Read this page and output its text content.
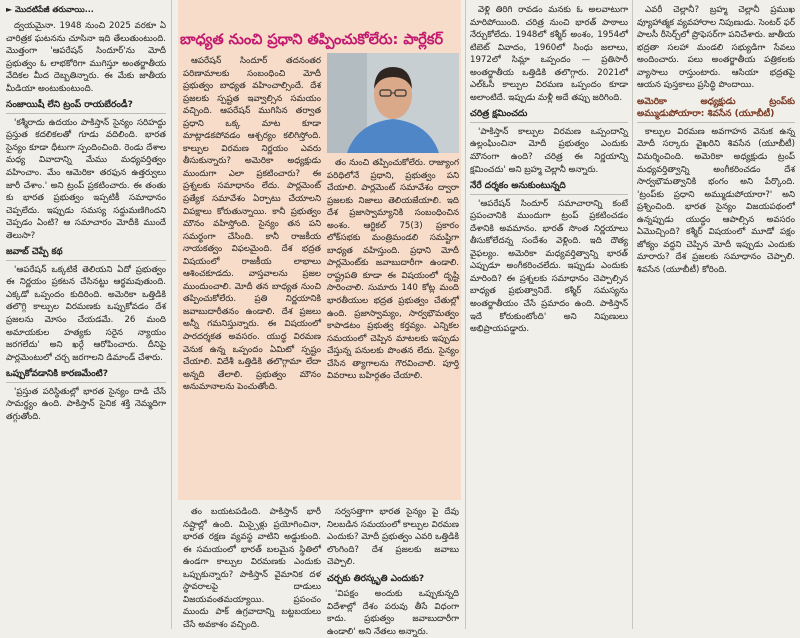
► మొదటిపేజీ తరువాయి...

ద్వయమైనా. 1948 నుంచి 2025 వరకూ ఏ చారిత్రక ఘటనను చూసినా ఇది తేలుతుంటుంది. మొత్తంగా 'ఆపరేషన్ సిందూర్'ను మోదీ ప్రభుత్వం ఓ లాభకోరిగా ముగిస్తూ అంతర్జాతీయ వేదికల మీద దెబ్బతిన్నారు. ఈ మేకు జాతీయ మీడియా అంటుకుంటుంది.

సంజాయిషీ లేని ట్రంప్ రాయబేరండీ?

'కశ్మీరాదు ఉదయం పాకిస్తాన్ సైన్యం సరిహద్దు ప్రస్తుత కదలికలతో గూడు వదిలింది. భారత సైన్యం కూడా ధీటుగా స్పందించింది. రెండు దేశాల మధ్య వివాదాన్ని మేము మధ్యవర్తిత్వం వహించాం. మేం ఆమెరికా తరఫున ఉత్తర్వులు జారీ చేశాం.' అని ట్రంప్ ప్రకటించారు. ఈ తంతు కు భారత ప్రభుత్వం ఇప్పటికీ సమాధానం చెప్పలేదు. ఇప్పుడు సమస్య సద్దుమణిగిందని చెప్పడం ఏంటి? ఆ సమాచారం మోదీకి ముందే తెలుసా?

జవాబ్ చెప్పే కథ

'ఆపరేషన్ ఒక్కటికే తెలియని ఏదో ప్రభుత్వం ఈ నిర్ణయం ప్రకటన చేసినట్టు ఆర్థమవుతుంది. ఎక్కడో ఒప్పందం కుదిరింది. అమెరికా ఒత్తిడికి తలొగ్గి కాల్పుల విరమణకు ఒప్పుకోవడం దేశ ప్రజలను మోసం చేయడమే. 26 మంది అమాయకుల హత్యకు సరైన న్యాయం జరగలేదు' అని ఖర్గే ఆరోపించారు. దీనిపై పార్లమెంటులో చర్చ జరగాలని డిమాండ్ చేశారు.

ఒప్పుకోవడానికి కారణమేంటి?

'ప్రస్తుత పరిస్థితుల్లో భారత సైన్యం దాడి చేసే సామర్థ్యం ఉంది. పాకిస్తాన్ సైనిక శక్తి నెమ్మదిగా తగ్గుతోంది.

బాధ్యత నుంచి ప్రధాని తప్పించుకోలేరు: పార్లేకర్

ఆపరేషన్ సిందూర్ తదనంతర పరిణామాలకు సంబంధించి మోదీ ప్రభుత్వం బాధ్యత వహించాల్సిందే. దేశ ప్రజలకు స్పష్టత ఇవ్వాల్సిన సమయం వచ్చింది. ఆపరేషన్ ముగిసిన తర్వాత ప్రధాని ఒక్క మాట కూడా మాట్లాడకపోవడం ఆశ్చర్యం కలిగిస్తోంది. కాల్పుల విరమణ నిర్ణయం ఎవరు తీసుకున్నారు? అమెరికా అధ్యక్షుడు ముందుగా ఎలా ప్రకటించారు? ఈ ప్రశ్నలకు సమాధానం లేదు. పార్లమెంట్ ప్రత్యేక సమావేశం ఏర్పాటు చేయాలని విపక్షాలు కోరుతున్నాయి. కానీ ప్రభుత్వం మౌనం వహిస్తోంది. సైన్యం తన పని సమర్థంగా చేసింది. కానీ రాజకీయ నాయకత్వం విఫలమైంది. దేశ భద్రత విషయంలో రాజకీయ లాభాలు ఆశించకూడదు. వాస్తవాలను ప్రజల ముందుంచాలి. మోదీ తన బాధ్యత నుంచి తప్పించుకోలేరు. ప్రతి నిర్ణయానికి జవాబుదారీతనం ఉండాలి. దేశ ప్రజలు అన్నీ గమనిస్తున్నారు. ఈ విషయంలో పారదర్శకత అవసరం. యుద్ధ విరమణ వెనుక ఉన్న ఒప్పందం ఏమిటో స్పష్టం చేయాలి. విదేశీ ఒత్తిడికి తలొగ్గామా లేదా అన్నది తేలాలి. ప్రభుత్వం మౌనం అనుమానాలను పెంచుతోంది.

తం నుంచి తప్పించుకోలేరు. రాజ్యాంగ పరిధిలోనే ప్రధాని, ప్రభుత్వం పని చేయాలి. పార్లమెంట్ సమావేశం ద్వారా ప్రజలకు నిజాలు తెలియజేయాలి. ఇది దేశ ప్రజాస్వామ్యానికి సంబంధించిన అంశం. ఆర్టికల్ 75(3) ప్రకారం లోక్‌సభకు మంత్రిమండలి సమష్టిగా బాధ్యత వహిస్తుంది. ప్రధాని మోదీ పార్లమెంట్‌కు జవాబుదారీగా ఉండాలి. రాష్ట్రపతి కూడా ఈ విషయంలో దృష్టి సారించాలి. సుమారు 140 కోట్ల మంది భారతీయుల భద్రత ప్రభుత్వం చేతుల్లో ఉంది. ప్రజాస్వామ్యం, సార్వభౌమత్వం కాపాడటం ప్రభుత్వ కర్తవ్యం. ఎన్నికల సమయంలో చెప్పిన మాటలకు ఇప్పుడు చేస్తున్న పనులకు పొంతన లేదు. సైన్యం చేసిన త్యాగాలను గౌరవించాలి. పూర్తి వివరాలు బహిర్గతం చేయాలి.

తం బయటపడింది. పాకిస్తాన్ భారీ నష్టాల్లో ఉంది. మిస్సైళ్లు ప్రయోగించినా, భారత రక్షణ వ్యవస్థ వాటిని అడ్డుకుంది. ఈ సమయంలో భారత్ బలమైన స్థితిలో ఉండగా కాల్పుల విరమణకు ఎందుకు ఒప్పుకున్నారు? పాకిస్తాన్ వైమానిక దళ స్థావరాలపై దాడులు విజయవంతమయ్యాయి. ప్రపంచం ముందు పాక్ ఉగ్రవాదాన్ని బట్టబయలు చేసే అవకాశం వచ్చింది.

సర్వసత్తాగా భారత సైన్యం పై దేవు నిలబడిన సమయంలో కాల్పుల విరమణ ఎందుకు? మోదీ ప్రభుత్వం ఎవరి ఒత్తిడికి లొంగింది? దేశ ప్రజలకు జవాబు చెప్పాలి.

చర్చకు తిరస్కృతి ఎందుకు?

'విపక్షం అందుకు ఒప్పుకున్నది విదేశాల్లో దేశం పరువు తీసే విధంగా కాదు. ప్రభుత్వం జవాబుదారీగా ఉండాలి' అని నేతలు అన్నారు.

వెళ్లి తిరిగి రావడం మనకు ఓ అలవాటుగా మారిపోయింది. చరిత్ర నుంచి భారత్ పాఠాలు నేర్చుకోలేదు. 1948లో కశ్మీర్ అంశం, 1954లో టిబెట్ వివాదం, 1960లో సింధు జలాలు, 1972లో సిమ్లా ఒప్పందం — ప్రతిసారీ అంతర్జాతీయ ఒత్తిడికి తలొగ్గారు. 2021లో ఎల్ఓసీ కాల్పుల విరమణ ఒప్పందం కూడా అలాంటిదే. ఇప్పుడు మళ్లీ అదే తప్పు జరిగింది.

చరిత్ర క్షమించదు

'పాకిస్తాన్ కాల్పుల విరమణ ఒప్పందాన్ని ఉల్లంఘించినా మోదీ ప్రభుత్వం ఎందుకు మౌనంగా ఉంది? చరిత్ర ఈ నిర్ణయాన్ని క్షమించదు' అని బ్రహ్మ చెల్లానీ అన్నారు.

నేరే దర్శకం అనుకుంటున్నది

'ఆపరేషన్ సిందూర్ సమాచారాన్ని కంటే ప్రపంచానికి ముందుగా ట్రంప్ ప్రకటించడం దేశానికి అవమానం. భారత్ సొంత నిర్ణయాలు తీసుకోలేదన్న సందేశం వెళ్లింది. ఇది దౌత్య వైఫల్యం. అమెరికా మధ్యవర్తిత్వాన్ని భారత్ ఎప్పుడూ అంగీకరించలేదు. ఇప్పుడు ఎందుకు మారింది? ఈ ప్రశ్నలకు సమాధానం చెప్పాల్సిన బాధ్యత ప్రభుత్వానిదే. కశ్మీర్ సమస్యను అంతర్జాతీయం చేసే ప్రమాదం ఉంది. పాకిస్తాన్ ఇదే కోరుకుంటోంది' అని నిపుణులు అభిప్రాయపడ్డారు.

ఎవరీ చెల్లానీ? బ్రహ్మ చెల్లానీ ప్రముఖ వ్యూహాత్మక వ్యవహారాల నిపుణుడు. సెంటర్ ఫర్ పాలసీ రీసెర్చ్‌లో ప్రొఫెసర్‌గా పనిచేశారు. జాతీయ భద్రతా సలహా మండలి సభ్యుడిగా సేవలు అందించారు. పలు అంతర్జాతీయ పత్రికలకు వ్యాసాలు రాస్తుంటారు. ఆసియా భద్రతపై ఆయన పుస్తకాలు ప్రసిద్ధి పొందాయి.

అమెరికా అధ్యక్షుడు ట్రంప్‌కు అమ్ముడుపోయారా: శివసేన (యూబీటీ)

కాల్పుల విరమణ అవగాహన వెనుక ఉన్న మోదీ సర్కారు వైఖరిని శివసేన (యూబీటీ) విమర్శించింది. అమెరికా అధ్యక్షుడు ట్రంప్ మధ్యవర్తిత్వాన్ని అంగీకరించడం దేశ సార్వభౌమత్వానికి భంగం అని పేర్కొంది. 'ట్రంప్‌కు ప్రధాని అమ్ముడుపోయారా?' అని ప్రశ్నించింది. భారత సైన్యం విజయపథంలో ఉన్నప్పుడు యుద్ధం ఆపాల్సిన అవసరం ఏమొచ్చింది? కశ్మీర్ విషయంలో మూడో పక్షం జోక్యం వద్దని చెప్పిన మోదీ ఇప్పుడు ఎందుకు మారారు? దేశ ప్రజలకు సమాధానం చెప్పాలి. శివసేన (యూబీటీ) కోరింది.
